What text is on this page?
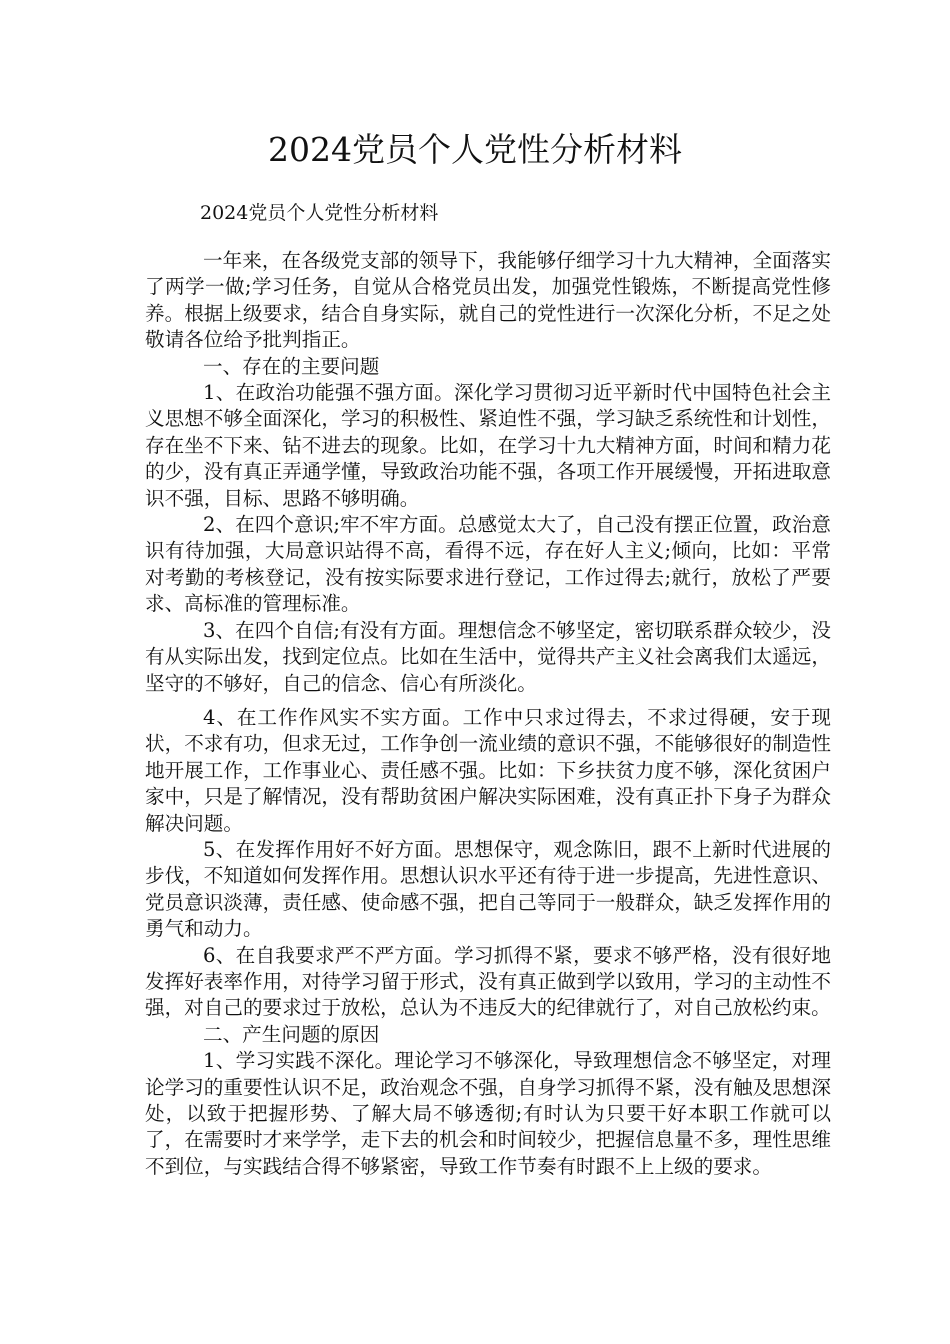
2024党员个人党性分析材料

2024党员个人党性分析材料

一年来，在各级党支部的领导下，我能够仔细学习十九大精神，全面落实了两学一做;学习任务，自觉从合格党员出发，加强党性锻炼，不断提高党性修养。根据上级要求，结合自身实际，就自己的党性进行一次深化分析，不足之处敬请各位给予批判指正。

一、存在的主要问题

1、在政治功能强不强方面。深化学习贯彻习近平新时代中国特色社会主义思想不够全面深化，学习的积极性、紧迫性不强，学习缺乏系统性和计划性，存在坐不下来、钻不进去的现象。比如，在学习十九大精神方面，时间和精力花的少，没有真正弄通学懂，导致政治功能不强，各项工作开展缓慢，开拓进取意识不强，目标、思路不够明确。

2、在四个意识;牢不牢方面。总感觉太大了，自己没有摆正位置，政治意识有待加强，大局意识站得不高，看得不远，存在好人主义;倾向，比如：平常对考勤的考核登记，没有按实际要求进行登记，工作过得去;就行，放松了严要求、高标准的管理标准。

3、在四个自信;有没有方面。理想信念不够坚定，密切联系群众较少，没有从实际出发，找到定位点。比如在生活中，觉得共产主义社会离我们太遥远，坚守的不够好，自己的信念、信心有所淡化。

4、在工作作风实不实方面。工作中只求过得去，不求过得硬，安于现状，不求有功，但求无过，工作争创一流业绩的意识不强，不能够很好的制造性地开展工作，工作事业心、责任感不强。比如：下乡扶贫力度不够，深化贫困户家中，只是了解情况，没有帮助贫困户解决实际困难，没有真正扑下身子为群众解决问题。

5、在发挥作用好不好方面。思想保守，观念陈旧，跟不上新时代进展的步伐，不知道如何发挥作用。思想认识水平还有待于进一步提高，先进性意识、党员意识淡薄，责任感、使命感不强，把自己等同于一般群众，缺乏发挥作用的勇气和动力。

6、在自我要求严不严方面。学习抓得不紧，要求不够严格，没有很好地发挥好表率作用，对待学习留于形式，没有真正做到学以致用，学习的主动性不强，对自己的要求过于放松，总认为不违反大的纪律就行了，对自己放松约束。

二、产生问题的原因

1、学习实践不深化。理论学习不够深化，导致理想信念不够坚定，对理论学习的重要性认识不足，政治观念不强，自身学习抓得不紧，没有触及思想深处，以致于把握形势、了解大局不够透彻;有时认为只要干好本职工作就可以了，在需要时才来学学，走下去的机会和时间较少，把握信息量不多，理性思维不到位，与实践结合得不够紧密，导致工作节奏有时跟不上上级的要求。
